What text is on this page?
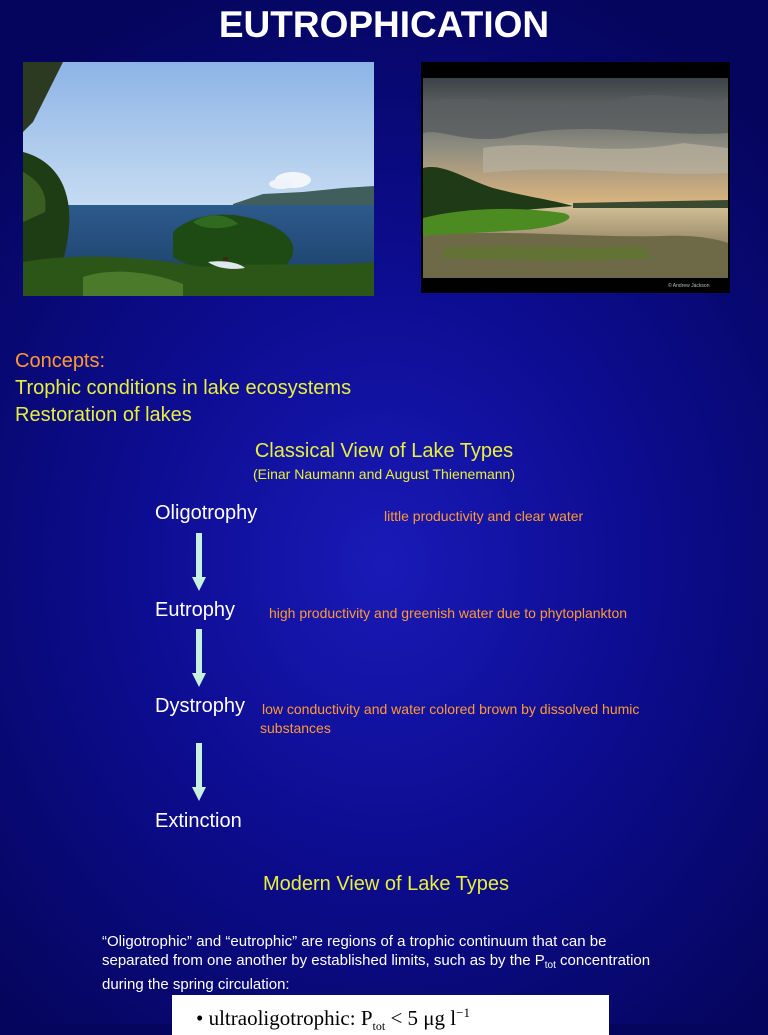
EUTROPHICATION
© Andrew Jackson
Concepts:
Trophic conditions in lake ecosystems
Restoration of lakes
Classical View of Lake Types
(Einar Naumann and August Thienemann)
Oligotrophy	little productivity and clear water
Eutrophy high productivity and greenish water due to phytoplankton
Dystrophy low conductivity and water colored brown by dissolved humic substances
Extinction
Modern View of Lake Types
“Oligotrophic” and “eutrophic” are regions of a trophic continuum that can be separated from one another by established limits, such as by the $P_{tot}$ concentration during the spring circulation:
• ultraoligotrophic: $P_{tot} < 5$ μg $l^{-1}$
